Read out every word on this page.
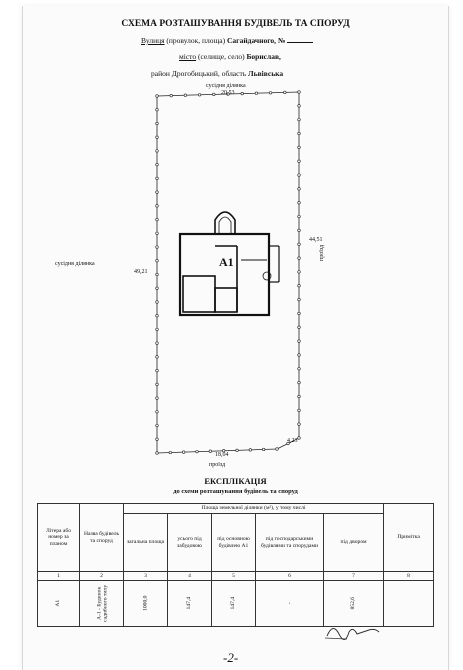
СХЕМА РОЗТАШУВАННЯ БУДІВЕЛЬ ТА СПОРУД
Вулиця (провулок, площа) Сагайдачного, №
місто (селище, село) Борислав,
район Дрогобицький, область Львівська
сусідня ділянка
20,53
сусідня ділянка
49,21
44,51
проїзд
4,23
18,04
проїзд
А1
ЕКСПЛІКАЦІЯ
до схеми розташування будівель та споруд
Літера або номер за планом	Назва будівель та споруд	Площа земельної ділянки (м²), у тому числі					Примітка
		загальна площа	усього під забудовою	під основною будівлею А1	під господарськими будівлями та спорудами	під двором	
1	2	3	4	5	6	7	8
А1	А-1 - Будинок садибного типу	1000,0	147,4	147,4	-	852,6	
-2-
